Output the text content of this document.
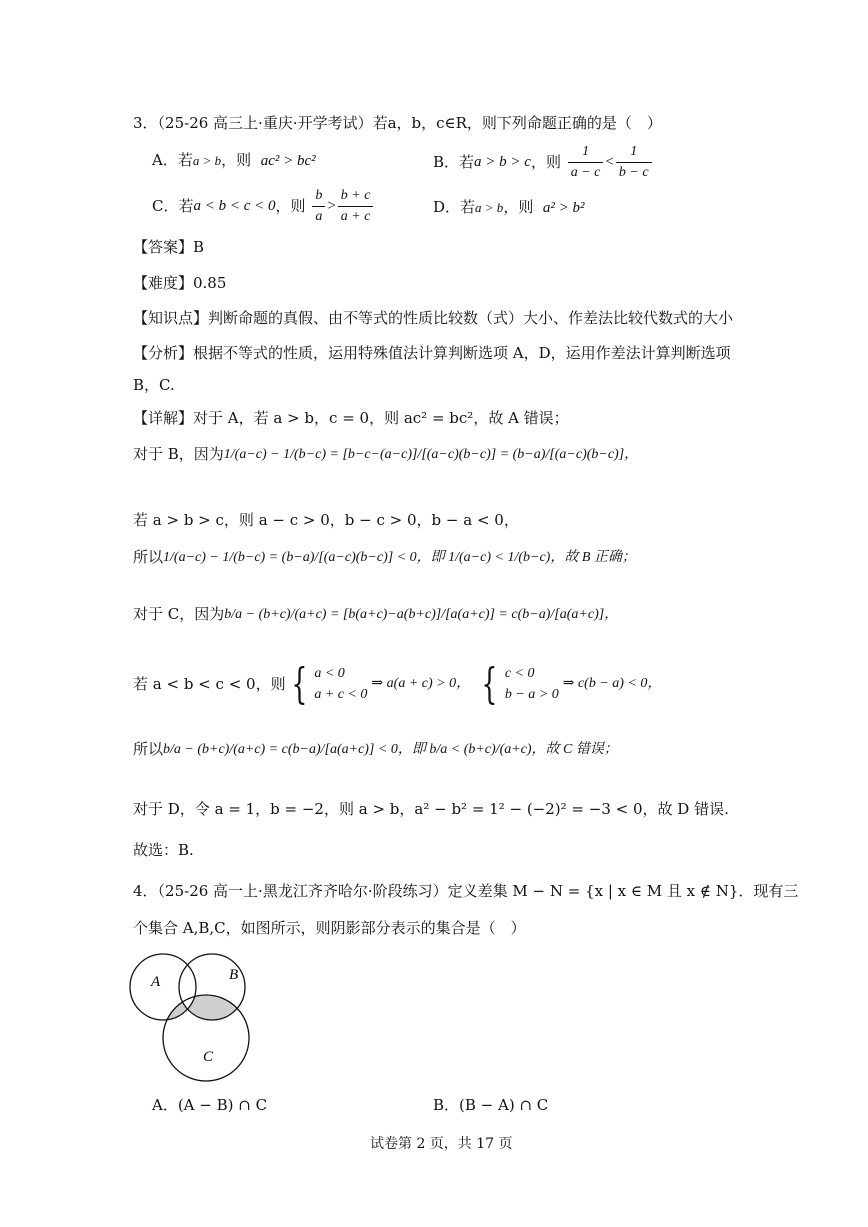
3．（25-26 高三上·重庆·开学考试）若a，b，c∈R，则下列命题正确的是（　）
A．若a > b，则 ac² > bc²	B．若 a > b > c ，则
$\frac{1}{a - c} < \frac{1}{b - c}$
C．若 a < b < c < 0 ，则
$\frac{b}{a} > \frac{b + c}{a + c}$	D．若a > b，则 a² > b²
【答案】B
【难度】0.85
【知识点】判断命题的真假、由不等式的性质比较数（式）大小、作差法比较代数式的大小
【分析】根据不等式的性质，运用特殊值法计算判断选项 A，D，运用作差法计算判断选项
B，C.
【详解】对于 A，若 a > b，c = 0，则 ac² = bc²，故 A 错误；
对于 B，因为 1/(a−c) − 1/(b−c) = [b−c−(a−c)]/[(a−c)(b−c)] = (b−a)/[(a−c)(b−c)]，
若 a > b > c，则 a − c > 0，b − c > 0，b − a < 0，
所以 1/(a−c) − 1/(b−c) = (b−a)/[(a−c)(b−c)] < 0，即 1/(a−c) < 1/(b−c)，故 B 正确；
对于 C，因为 b/a − (b+c)/(a+c) = [b(a+c)−a(b+c)]/[a(a+c)] = c(b−a)/[a(a+c)]，
若 a < b < c < 0，则 { a < 0
a + c < 0
⇒ a(a + c) > 0， { c < 0
b − a > 0
⇒ c(b − a) < 0，
所以 b/a − (b+c)/(a+c) = c(b−a)/[a(a+c)] < 0，即 b/a < (b+c)/(a+c)，故 C 错误；
对于 D，令 a = 1，b = −2，则 a > b，a² − b² = 1² − (−2)² = −3 < 0，故 D 错误.
故选：B.
4．（25-26 高一上·黑龙江齐齐哈尔·阶段练习）定义差集 M − N = {x | x ∈ M 且 x ∉ N}．现有三
个集合 A,B,C，如图所示，则阴影部分表示的集合是（　）
A	B
C
A．(A − B) ∩ C	B．(B − A) ∩ C
试卷第 2 页，共 17 页
